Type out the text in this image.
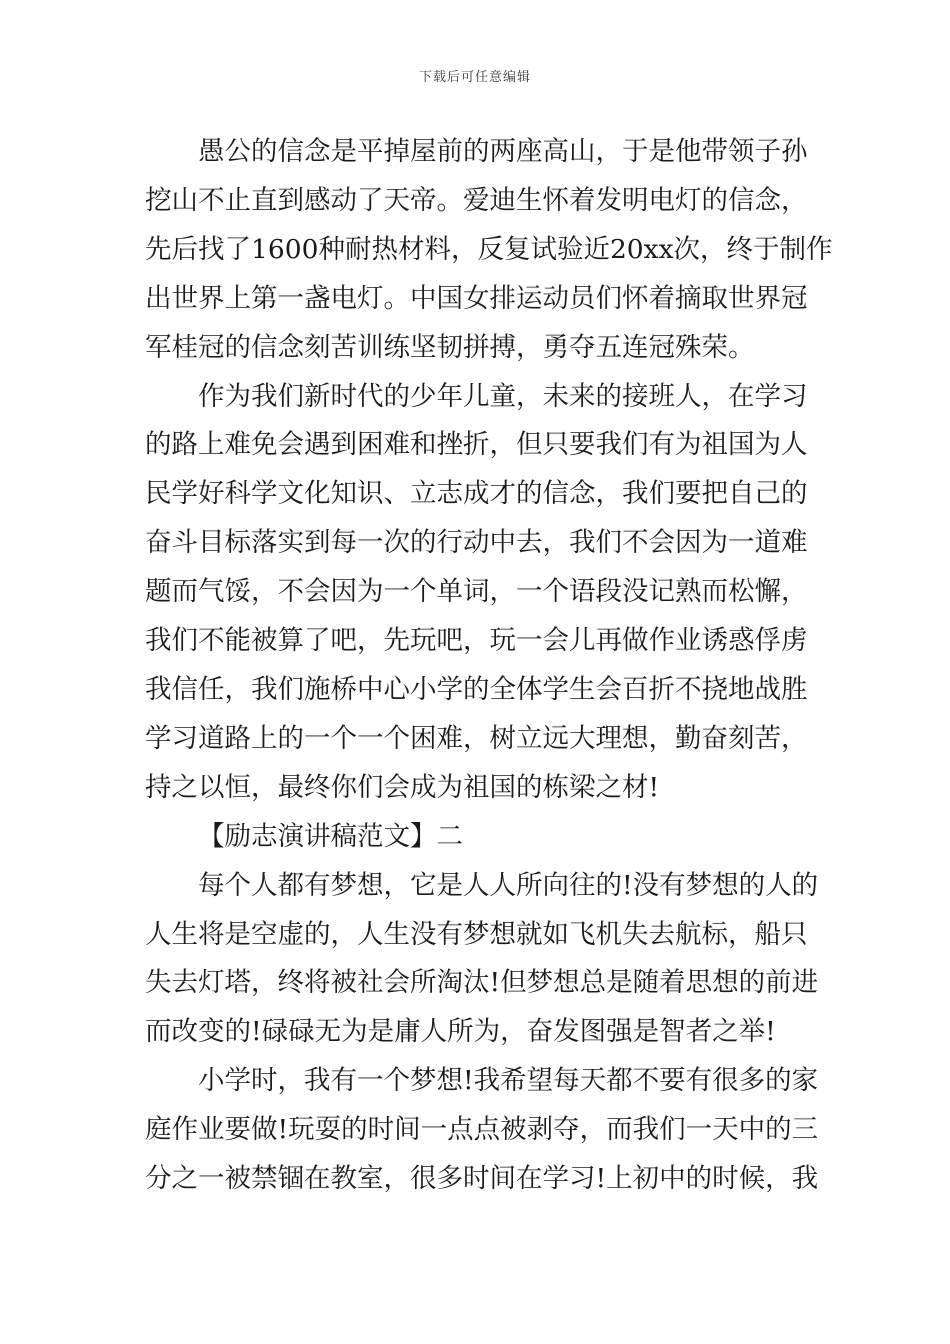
下载后可任意编辑

愚公的信念是平掉屋前的两座高山，于是他带领子孙
挖山不止直到感动了天帝。爱迪生怀着发明电灯的信念，
先后找了1600种耐热材料，反复试验近20xx次，终于制作
出世界上第一盏电灯。中国女排运动员们怀着摘取世界冠
军桂冠的信念刻苦训练坚韧拼搏，勇夺五连冠殊荣。

作为我们新时代的少年儿童，未来的接班人，在学习
的路上难免会遇到困难和挫折，但只要我们有为祖国为人
民学好科学文化知识、立志成才的信念，我们要把自己的
奋斗目标落实到每一次的行动中去，我们不会因为一道难
题而气馁，不会因为一个单词，一个语段没记熟而松懈，
我们不能被算了吧，先玩吧，玩一会儿再做作业诱惑俘虏
我信任，我们施桥中心小学的全体学生会百折不挠地战胜
学习道路上的一个一个困难，树立远大理想，勤奋刻苦，
持之以恒，最终你们会成为祖国的栋梁之材!

【励志演讲稿范文】二

每个人都有梦想，它是人人所向往的!没有梦想的人的
人生将是空虚的，人生没有梦想就如飞机失去航标，船只
失去灯塔，终将被社会所淘汰!但梦想总是随着思想的前进
而改变的!碌碌无为是庸人所为，奋发图强是智者之举!

小学时，我有一个梦想!我希望每天都不要有很多的家
庭作业要做!玩耍的时间一点点被剥夺，而我们一天中的三
分之一被禁锢在教室，很多时间在学习!上初中的时候，我
